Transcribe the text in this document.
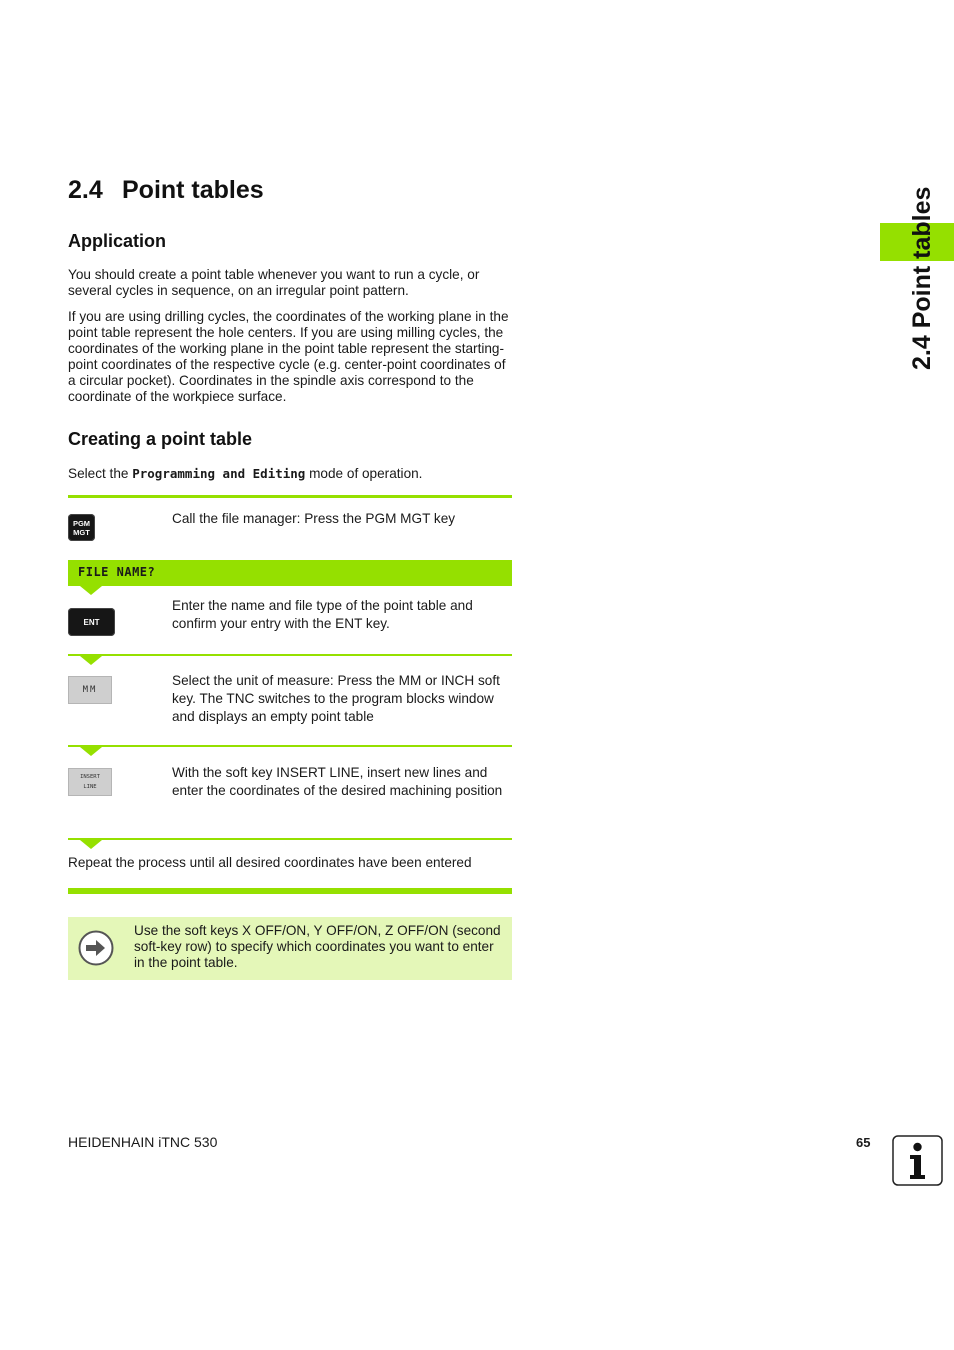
2.4 Point tables
2.4 Point tables
Application

You should create a point table whenever you want to run a cycle, or several cycles in sequence, on an irregular point pattern.

If you are using drilling cycles, the coordinates of the working plane in the point table represent the hole centers. If you are using milling cycles, the coordinates of the working plane in the point table represent the starting-point coordinates of the respective cycle (e.g. center-point coordinates of a circular pocket). Coordinates in the spindle axis correspond to the coordinate of the workpiece surface.

Creating a point table

Select the Programming and Editing mode of operation.

PGM
MGT

Call the file manager: Press the PGM MGT key

FILE NAME?
ENT

Enter the name and file type of the point table and confirm your entry with the ENT key.

MM

Select the unit of measure: Press the MM or INCH soft key. The TNC switches to the program blocks window and displays an empty point table

INSERT
LINE

With the soft key INSERT LINE, insert new lines and enter the coordinates of the desired machining position

Repeat the process until all desired coordinates have been entered

Use the soft keys X OFF/ON, Y OFF/ON, Z OFF/ON (second soft-key row) to specify which coordinates you want to enter in the point table.
HEIDENHAIN iTNC 530	65
